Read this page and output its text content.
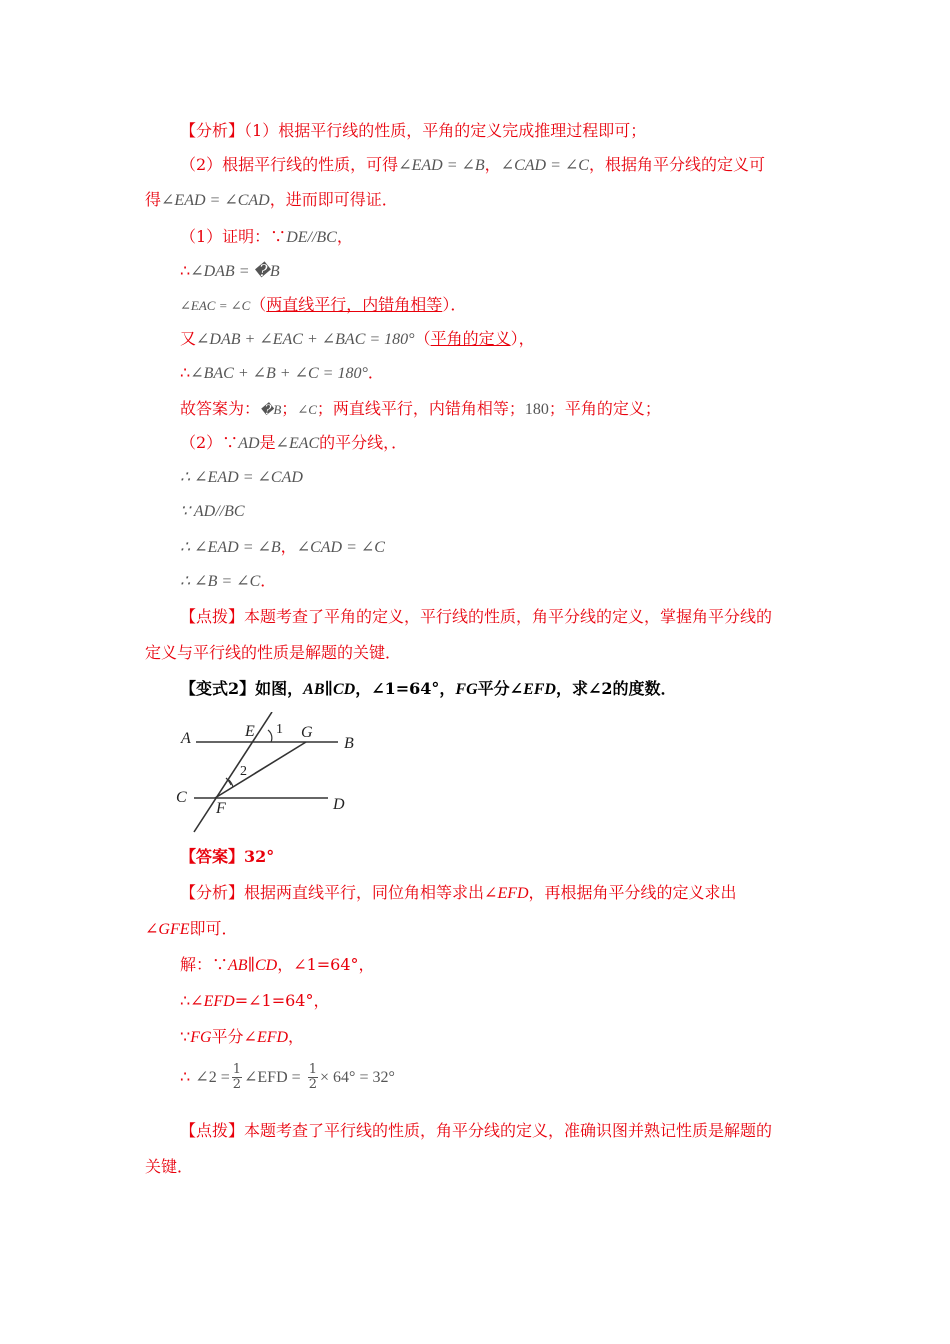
【分析】（1）根据平行线的性质，平角的定义完成推理过程即可；
（2）根据平行线的性质，可得∠EAD = ∠B，∠CAD = ∠C，根据角平分线的定义可
得∠EAD = ∠CAD，进而即可得证．
（1）证明：∵DE//BC，
∴∠DAB = �B
∠EAC = ∠C（两直线平行，内错角相等）．
又∠DAB + ∠EAC + ∠BAC = 180°（平角的定义），
∴∠BAC + ∠B + ∠C = 180°．
故答案为：�B；∠C；两直线平行，内错角相等；180；平角的定义；
（2）∵AD是∠EAC的平分线，．
∴ ∠EAD = ∠CAD
∵ AD//BC
∴ ∠EAD = ∠B，∠CAD = ∠C
∴ ∠B = ∠C．
【点拨】本题考查了平角的定义，平行线的性质，角平分线的定义，掌握角平分线的
定义与平行线的性质是解题的关键．
【变式2】如图，AB∥CD，∠1=64°，FG平分∠EFD，求∠2的度数．
A	E 1 G
B
2
C
F	D
【答案】32°
【分析】根据两直线平行，同位角相等求出∠EFD，再根据角平分线的定义求出
∠GFE即可．
解：∵AB∥CD，∠1=64°，
∴∠EFD=∠1=64°，
∵FG平分∠EFD，
∴ ∠2 = $\frac{1}{2}$ ∠EFD = $\frac{1}{2} \times 64^\circ = 32^\circ$
【点拨】本题考查了平行线的性质，角平分线的定义，准确识图并熟记性质是解题的
关键．
